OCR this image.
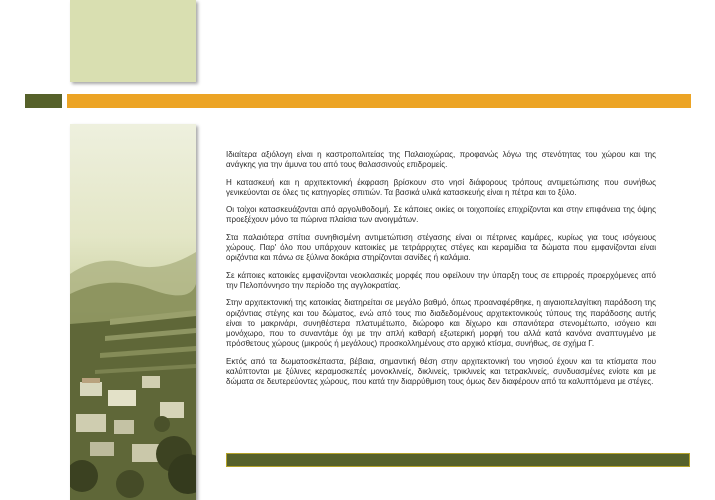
Ιδιαίτερα αξιόλογη είναι η καστροπολιτείας της Παλαιοχώρας, προφανώς λόγω της στενότητας του χώρου και της ανάγκης για την άμυνα του από τους θαλασσινούς επιδρομείς.

Η κατασκευή και η αρχιτεκτονική έκφραση βρίσκουν στο νησί διάφορους τρόπους αντιμετώπισης που συνήθως γενικεύονται σε όλες τις κατηγορίες σπιτιών. Τα βασικά υλικά κατασκευής είναι η πέτρα και το ξύλο.

Οι τοίχοι κατασκευάζονται από αργολιθοδομή. Σε κάποιες οικίες οι τοιχοποιίες επιχρίζονται και στην επιφάνεια της όψης προεξέχουν μόνο τα πώρινα πλαίσια των ανοιγμάτων.

Στα παλαιότερα σπίτια συνηθισμένη αντιμετώπιση στέγασης είναι οι πέτρινες καμάρες, κυρίως για τους ισόγειους χώρους. Παρ' όλο που υπάρχουν κατοικίες με τετράρριχτες στέγες και κεραμίδια τα δώματα που εμφανίζονται είναι οριζόντια και πάνω σε ξύλινα δοκάρια στηρίζονται σανίδες ή καλάμια.

Σε κάποιες κατοικίες εμφανίζονται νεοκλασικές μορφές που οφείλουν την ύπαρξη τους σε επιρροές προερχόμενες από την Πελοπόννησο την περίοδο της αγγλοκρατίας.

Στην αρχιτεκτονική της κατοικίας διατηρείται σε μεγάλο βαθμό, όπως προαναφέρθηκε, η αιγαιοπελαγίτικη παράδοση της οριζόντιας στέγης και του δώματος, ενώ από τους πιο διαδεδομένους αρχιτεκτονικούς τύπους της παράδοσης αυτής είναι το μακρινάρι, συνηθέστερα πλατυμέτωπο, διώροφο και δίχωρο και σπανιότερα στενομέτωπο, ισόγειο και μονόχωρο, που το συναντάμε όχι με την απλή καθαρή εξωτερική μορφή του αλλά κατά κανόνα αναπτυγμένο με πρόσθετους χώρους (μικρούς ή μεγάλους) προσκολλημένους στο αρχικό κτίσμα, συνήθως, σε σχήμα Γ.

Εκτός από τα δωματοσκέπαστα, βέβαια, σημαντική θέση στην αρχιτεκτονική του νησιού έχουν και τα κτίσματα που καλύπτονται με ξύλινες κεραμοσκεπές μονοκλινείς, δικλινείς, τρικλινείς και τετρακλινείς, συνδυασμένες ενίοτε και με δώματα σε δευτερεύοντες χώρους, που κατά την διαρρύθμιση τους όμως δεν διαφέρουν από τα καλυπτόμενα με στέγες.
